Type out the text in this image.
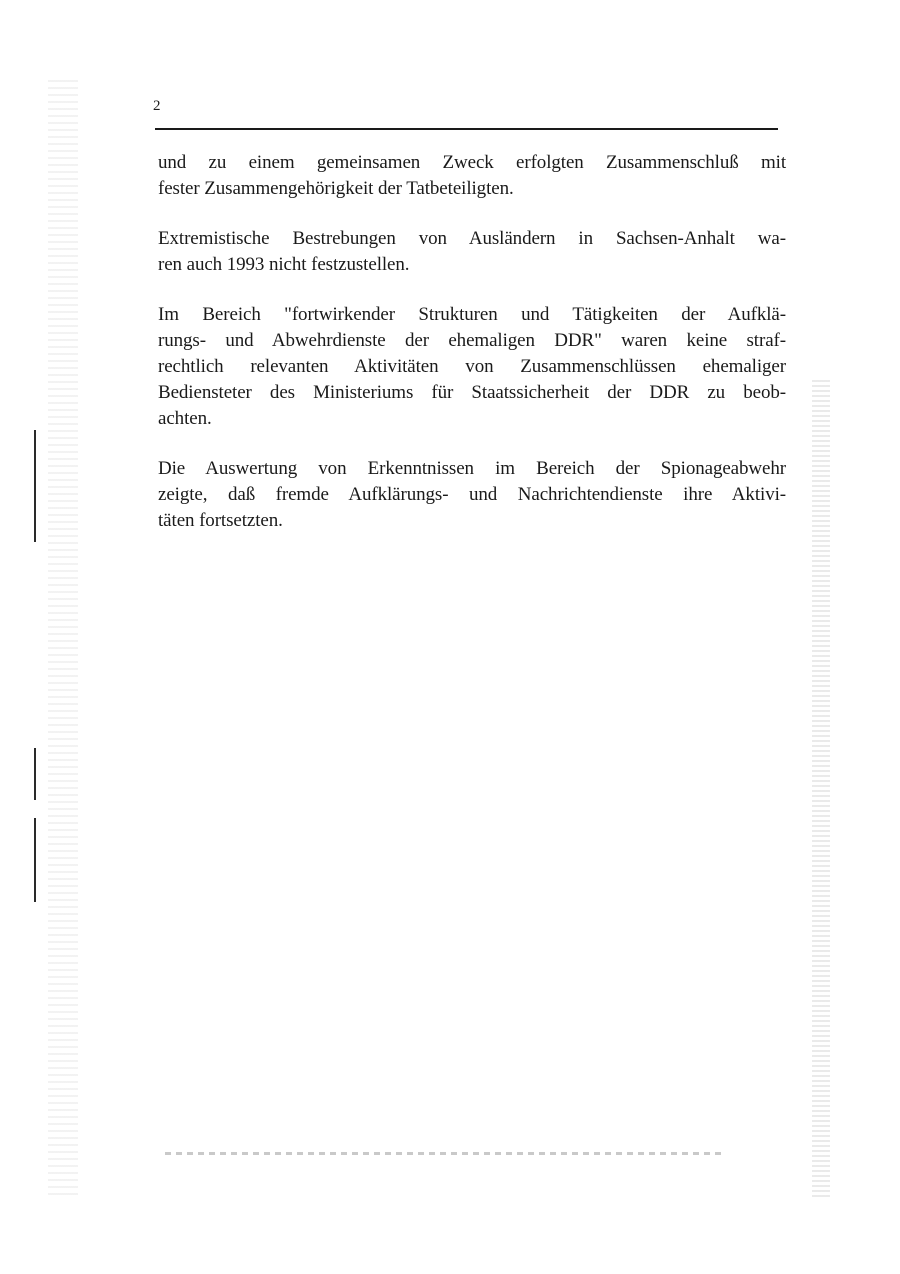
2

und zu einem gemeinsamen Zweck erfolgten Zusammenschluß mit
fester Zusammengehörigkeit der Tatbeteiligten.

Extremistische Bestrebungen von Ausländern in Sachsen-Anhalt wa-
ren auch 1993 nicht festzustellen.

Im Bereich "fortwirkender Strukturen und Tätigkeiten der Aufklä-
rungs- und Abwehrdienste der ehemaligen DDR" waren keine straf-
rechtlich relevanten Aktivitäten von Zusammenschlüssen ehemaliger
Bediensteter des Ministeriums für Staatssicherheit der DDR zu beob-
achten.

Die Auswertung von Erkenntnissen im Bereich der Spionageabwehr
zeigte, daß fremde Aufklärungs- und Nachrichtendienste ihre Aktivi-
täten fortsetzten.
